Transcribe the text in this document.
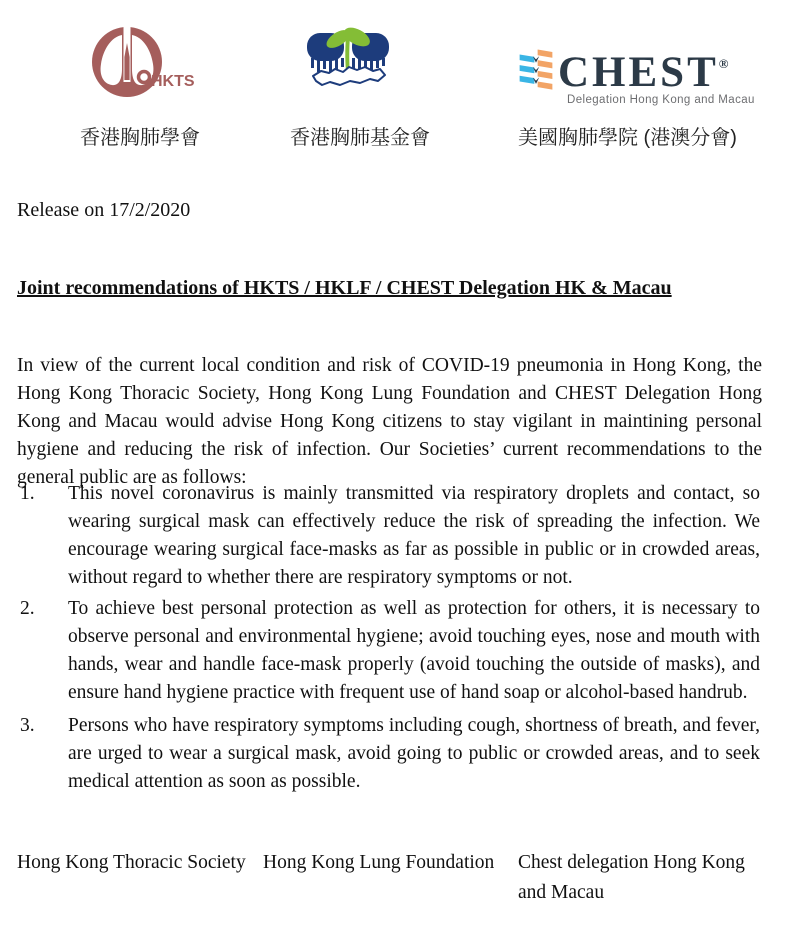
HKTS	CHEST®
Delegation Hong Kong and Macau
香港胸肺學會	香港胸肺基金會	美國胸肺學院 (港澳分會)
Release on 17/2/2020
Joint recommendations of HKTS / HKLF / CHEST Delegation HK & Macau

In view of the current local condition and risk of COVID-19 pneumonia in Hong Kong, the Hong Kong Thoracic Society, Hong Kong Lung Foundation and CHEST Delegation Hong Kong and Macau would advise Hong Kong citizens to stay vigilant in maintining personal hygiene and reducing the risk of infection. Our Societies’ current recommendations to the general public are as follows:

1.	This novel coronavirus is mainly transmitted via respiratory droplets and contact, so wearing surgical mask can effectively reduce the risk of spreading the infection. We encourage wearing surgical face-masks as far as possible in public or in crowded areas, without regard to whether there are respiratory symptoms or not.
2.	To achieve best personal protection as well as protection for others, it is necessary to observe personal and environmental hygiene; avoid touching eyes, nose and mouth with hands, wear and handle face-mask properly (avoid touching the outside of masks), and ensure hand hygiene practice with frequent use of hand soap or alcohol-based handrub.
3.	Persons who have respiratory symptoms including cough, shortness of breath, and fever, are urged to wear a surgical mask, avoid going to public or crowded areas, and to seek medical attention as soon as possible.
Hong Kong Thoracic Society Hong Kong Lung Foundation	Chest delegation Hong Kong and Macau
